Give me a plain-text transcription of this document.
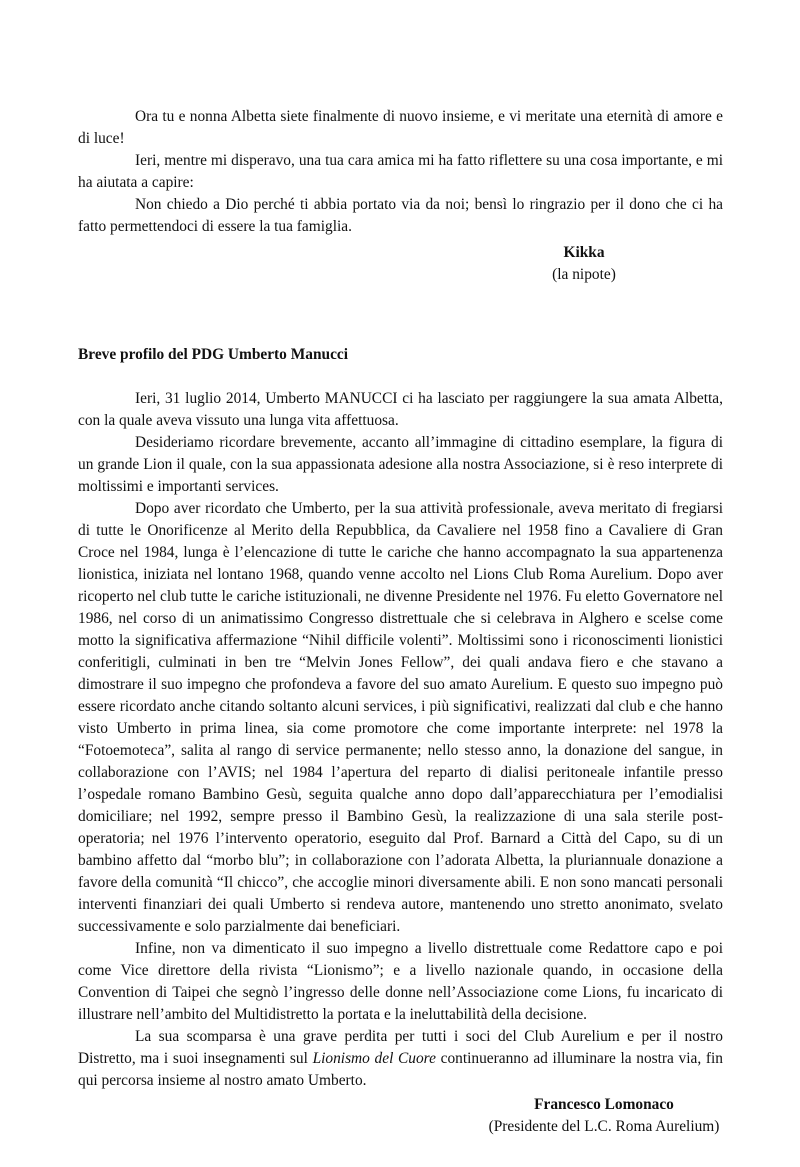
Ora tu e nonna Albetta siete finalmente di nuovo insieme, e vi meritate una eternità di amore e di luce!

Ieri, mentre mi disperavo, una tua cara amica mi ha fatto riflettere su una cosa importante, e mi ha aiutata a capire:

Non chiedo a Dio perché ti abbia portato via da noi; bensì lo ringrazio per il dono che ci ha fatto permettendoci di essere la tua famiglia.

Kikka
(la nipote)
Breve profilo del PDG Umberto Manucci

Ieri, 31 luglio 2014, Umberto MANUCCI ci ha lasciato per raggiungere la sua amata Albetta, con la quale aveva vissuto una lunga vita affettuosa.

Desideriamo ricordare brevemente, accanto all’immagine di cittadino esemplare, la figura di un grande Lion il quale, con la sua appassionata adesione alla nostra Associazione, si è reso interprete di moltissimi e importanti services.

Dopo aver ricordato che Umberto, per la sua attività professionale, aveva meritato di fregiarsi di tutte le Onorificenze al Merito della Repubblica, da Cavaliere nel 1958 fino a Cavaliere di Gran Croce nel 1984, lunga è l’elencazione di tutte le cariche che hanno accompagnato la sua appartenenza lionistica, iniziata nel lontano 1968, quando venne accolto nel Lions Club Roma Aurelium. Dopo aver ricoperto nel club tutte le cariche istituzionali, ne divenne Presidente nel 1976. Fu eletto Governatore nel 1986, nel corso di un animatissimo Congresso distrettuale che si celebrava in Alghero e scelse come motto la significativa affermazione “Nihil difficile volenti”. Moltissimi sono i riconoscimenti lionistici conferitigli, culminati in ben tre “Melvin Jones Fellow”, dei quali andava fiero e che stavano a dimostrare il suo impegno che profondeva a favore del suo amato Aurelium. E questo suo impegno può essere ricordato anche citando soltanto alcuni services, i più significativi, realizzati dal club e che hanno visto Umberto in prima linea, sia come promotore che come importante interprete: nel 1978 la “Fotoemoteca”, salita al rango di service permanente; nello stesso anno, la donazione del sangue, in collaborazione con l’AVIS; nel 1984 l’apertura del reparto di dialisi peritoneale infantile presso l’ospedale romano Bambino Gesù, seguita qualche anno dopo dall’apparecchiatura per l’emodialisi domiciliare; nel 1992, sempre presso il Bambino Gesù, la realizzazione di una sala sterile post-operatoria; nel 1976 l’intervento operatorio, eseguito dal Prof. Barnard a Città del Capo, su di un bambino affetto dal “morbo blu”; in collaborazione con l’adorata Albetta, la pluriannuale donazione a favore della comunità “Il chicco”, che accoglie minori diversamente abili. E non sono mancati personali interventi finanziari dei quali Umberto si rendeva autore, mantenendo uno stretto anonimato, svelato successivamente e solo parzialmente dai beneficiari.

Infine, non va dimenticato il suo impegno a livello distrettuale come Redattore capo e poi come Vice direttore della rivista “Lionismo”; e a livello nazionale quando, in occasione della Convention di Taipei che segnò l’ingresso delle donne nell’Associazione come Lions, fu incaricato di illustrare nell’ambito del Multidistretto la portata e la ineluttabilità della decisione.

La sua scomparsa è una grave perdita per tutti i soci del Club Aurelium e per il nostro Distretto, ma i suoi insegnamenti sul Lionismo del Cuore continueranno ad illuminare la nostra via, fin qui percorsa insieme al nostro amato Umberto.

Francesco Lomonaco
(Presidente del L.C. Roma Aurelium)
